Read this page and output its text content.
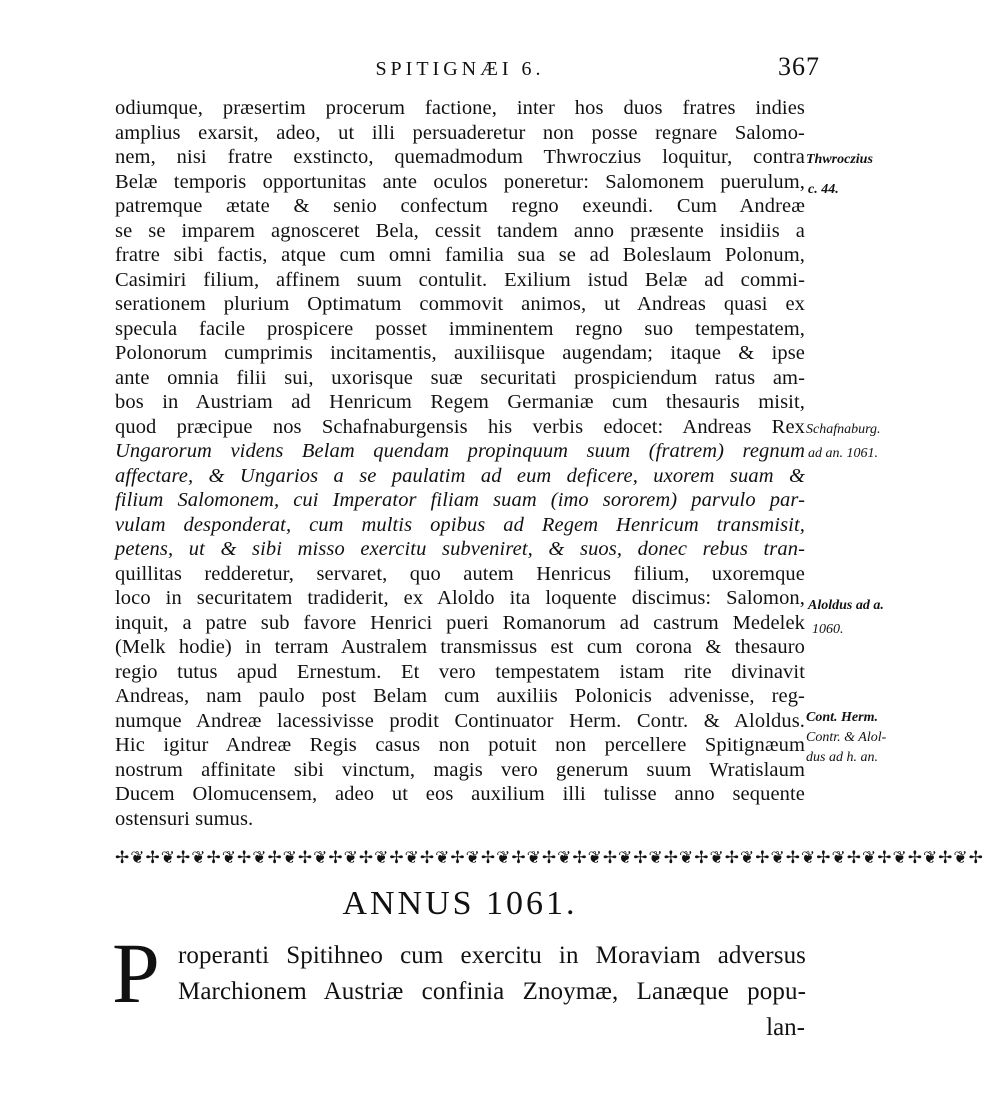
SPITIGNÆI 6.	367
odiumque, præsertim procerum factione, inter hos duos fratres indies
amplius exarsit, adeo, ut illi persuaderetur non posse regnare Salomo-
nem, nisi fratre exstincto, quemadmodum Thwroczius loquitur, contra
Belæ temporis opportunitas ante oculos poneretur: Salomonem puerulum,
patremque ætate & senio confectum regno exeundi. Cum Andreæ
se se imparem agnosceret Bela, cessit tandem anno præsente insidiis a
fratre sibi factis, atque cum omni familia sua se ad Boleslaum Polonum,
Casimiri filium, affinem suum contulit. Exilium istud Belæ ad commi-
serationem plurium Optimatum commovit animos, ut Andreas quasi ex
specula facile prospicere posset imminentem regno suo tempestatem,
Polonorum cumprimis incitamentis, auxiliisque augendam; itaque & ipse
ante omnia filii sui, uxorisque suæ securitati prospiciendum ratus am-
bos in Austriam ad Henricum Regem Germaniæ cum thesauris misit,
quod præcipue nos Schafnaburgensis his verbis edocet: Andreas Rex
Ungarorum videns Belam quendam propinquum suum (fratrem) regnum
affectare, & Ungarios a se paulatim ad eum deficere, uxorem suam &
filium Salomonem, cui Imperator filiam suam (imo sororem) parvulo par-
vulam desponderat, cum multis opibus ad Regem Henricum transmisit,
petens, ut & sibi misso exercitu subveniret, & suos, donec rebus tran-
quillitas redderetur, servaret, quo autem Henricus filium, uxoremque
loco in securitatem tradiderit, ex Aloldo ita loquente discimus: Salomon,
inquit, a patre sub favore Henrici pueri Romanorum ad castrum Medelek
(Melk hodie) in terram Australem transmissus est cum corona & thesauro
regio tutus apud Ernestum. Et vero tempestatem istam rite divinavit
Andreas, nam paulo post Belam cum auxiliis Polonicis advenisse, reg-
numque Andreæ lacessivisse prodit Continuator Herm. Contr. & Aloldus.
Hic igitur Andreæ Regis casus non potuit non percellere Spitignæum
nostrum affinitate sibi vinctum, magis vero generum suum Wratislaum
Ducem Olomucensem, adeo ut eos auxilium illi tulisse anno sequente
ostensuri sumus.
Thwroczius
c. 44.
Schafnaburg.
ad an. 1061.
Aloldus ad a.
1060.
Cont. Herm.
Contr. & Alol-
dus ad h. an.
✢❦✢❦✢❦✢❦✢❦✢❦✢❦✢❦✢❦✢❦✢❦✢❦✢❦✢❦✢❦✢❦✢❦✢❦✢❦✢❦✢❦✢❦✢❦✢❦✢❦✢❦✢❦✢❦✢
ANNUS 1061.
P roperanti Spitihneo cum exercitu in Moraviam adversus
Marchionem Austriæ confinia Znoymæ, Lanæque popu-
lan-
